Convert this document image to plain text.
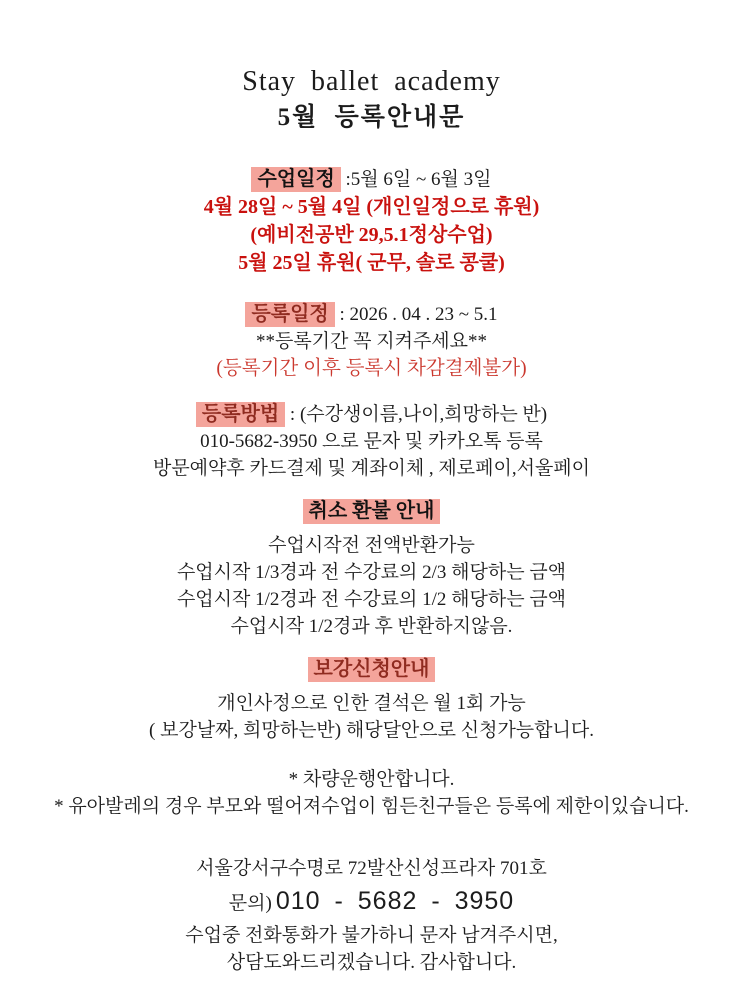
Stay ballet academy
5월 등록안내문
수업일정 :5월 6일 ~ 6월 3일
4월 28일 ~ 5월 4일 (개인일정으로 휴원)
(예비전공반 29,5.1정상수업)
5월 25일 휴원( 군무, 솔로 콩쿨)
등록일정 : 2026 . 04 . 23 ~ 5.1
**등록기간 꼭 지켜주세요**
(등록기간 이후 등록시 차감결제불가)
등록방법 : (수강생이름,나이,희망하는 반)
010-5682-3950 으로 문자 및 카카오톡 등록
방문예약후 카드결제 및 계좌이체 , 제로페이,서울페이
취소 환불 안내
수업시작전 전액반환가능
수업시작 1/3경과 전 수강료의 2/3 해당하는 금액
수업시작 1/2경과 전 수강료의 1/2 해당하는 금액
수업시작 1/2경과 후 반환하지않음.
보강신청안내
개인사정으로 인한 결석은 월 1회 가능
( 보강날짜, 희망하는반) 해당달안으로 신청가능합니다.
* 차량운행안합니다.
* 유아발레의 경우 부모와 떨어져수업이 힘든친구들은 등록에 제한이있습니다.
서울강서구수명로 72발산신성프라자 701호
문의) 010 - 5682 - 3950
수업중 전화통화가 불가하니 문자 남겨주시면,
상담도와드리겠습니다. 감사합니다.
